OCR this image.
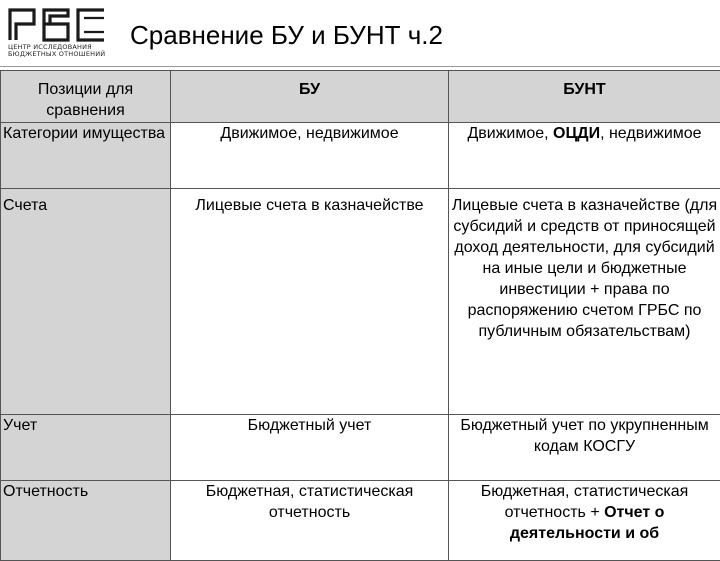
РБС
ЦЕНТР ИССЛЕДОВАНИЯ
БЮДЖЕТНЫХ ОТНОШЕНИЙ
Сравнение БУ и БУНТ ч.2
Позиции для сравнения	БУ	БУНТ
Категории имущества	Движимое, недвижимое	Движимое, ОЦДИ, недвижимое
Счета	Лицевые счета в казначействе	Лицевые счета в казначействе (для субсидий и средств от приносящей доход деятельности, для субсидий на иные цели и бюджетные инвестиции + права по распоряжению счетом ГРБС по публичным обязательствам)
Учет	Бюджетный учет	Бюджетный учет по укрупненным кодам КОСГУ
Отчетность	Бюджетная, статистическая отчетность	Бюджетная, статистическая отчетность + Отчет о деятельности и об
